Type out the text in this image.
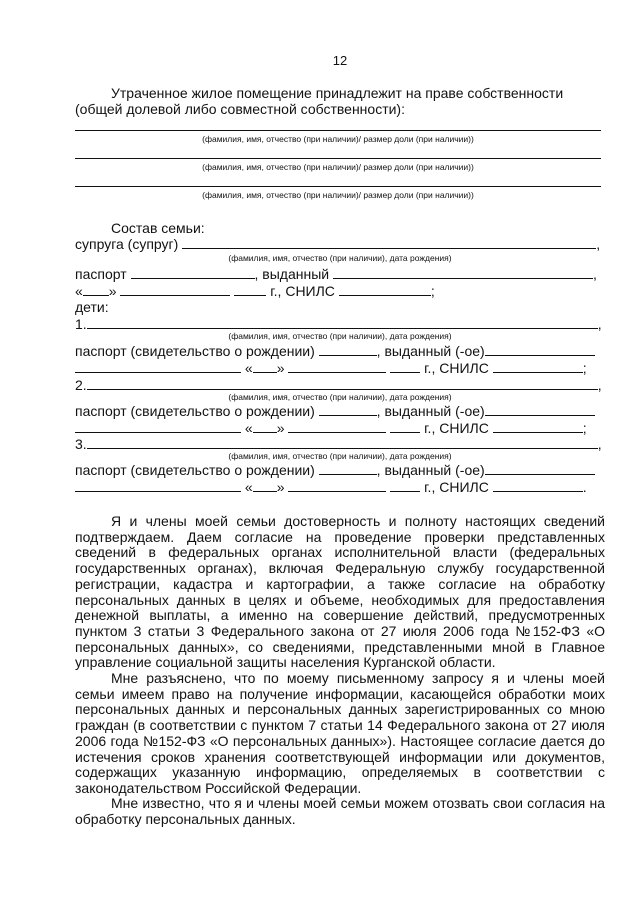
12
Утраченное жилое помещение принадлежит на праве собственности
(общей долевой либо совместной собственности):
(фамилия, имя, отчество (при наличии)/ размер доли (при наличии))
(фамилия, имя, отчество (при наличии)/ размер доли (при наличии))
(фамилия, имя, отчество (при наличии)/ размер доли (при наличии))
Состав семьи:
супруга (супруг)	,
(фамилия, имя, отчество (при наличии), дата рождения)
паспорт	, выданный	,
« »	г., СНИЛС	;
дети:
1.	,
(фамилия, имя, отчество (при наличии), дата рождения)
паспорт (свидетельство о рождении)	, выданный (-ое)
« »	г., СНИЛС	;
2.	,
(фамилия, имя, отчество (при наличии), дата рождения)
паспорт (свидетельство о рождении)	, выданный (-ое)
« »	г., СНИЛС	;
3.	,
(фамилия, имя, отчество (при наличии), дата рождения)
паспорт (свидетельство о рождении)	, выданный (-ое)
« »	г., СНИЛС	.

Я и члены моей семьи достоверность и полноту настоящих сведений подтверждаем. Даем согласие на проведение проверки представленных сведений в федеральных органах исполнительной власти (федеральных государственных органах), включая Федеральную службу государственной регистрации, кадастра и картографии, а также согласие на обработку персональных данных в целях и объеме, необходимых для предоставления денежной выплаты, а именно на совершение действий, предусмотренных пунктом 3 статьи 3 Федерального закона от 27 июля 2006 года №152-ФЗ «О персональных данных», со сведениями, представленными мной в Главное управление социальной защиты населения Курганской области.

Мне разъяснено, что по моему письменному запросу я и члены моей семьи имеем право на получение информации, касающейся обработки моих персональных данных и персональных данных зарегистрированных со мною граждан (в соответствии с пунктом 7 статьи 14 Федерального закона от 27 июля 2006 года №152-ФЗ «О персональных данных»). Настоящее согласие дается до истечения сроков хранения соответствующей информации или документов, содержащих указанную информацию, определяемых в соответствии с законодательством Российской Федерации.

Мне известно, что я и члены моей семьи можем отозвать свои согласия на обработку персональных данных.
